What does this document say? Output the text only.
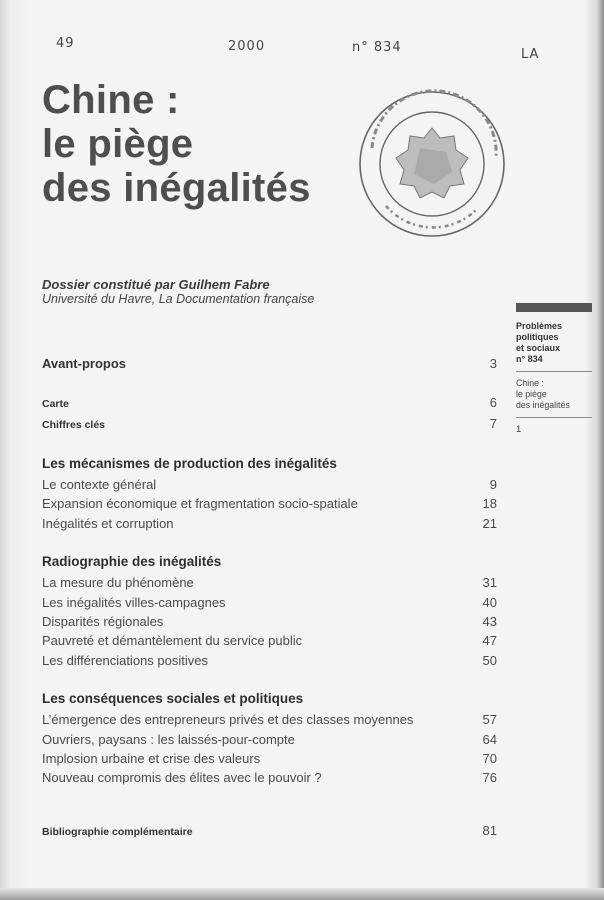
49	2000	n° 834	LA
Chine :
le piège
des inégalités
Dossier constitué par Guilhem Fabre
Université du Havre, La Documentation française
Problèmes
politiques
et sociaux
n° 834
Chine :
le piège
des inégalités
1
Avant-propos	3
Carte	6
Chiffres clés	7
Les mécanismes de production des inégalités
Le contexte général	9
Expansion économique et fragmentation socio-spatiale	18
Inégalités et corruption	21
Radiographie des inégalités
La mesure du phénomène	31
Les inégalités villes-campagnes	40
Disparités régionales	43
Pauvreté et démantèlement du service public	47
Les différenciations positives	50
Les conséquences sociales et politiques
L’émergence des entrepreneurs privés et des classes moyennes	57
Ouvriers, paysans : les laissés-pour-compte	64
Implosion urbaine et crise des valeurs	70
Nouveau compromis des élites avec le pouvoir ?	76
Bibliographie complémentaire	81
